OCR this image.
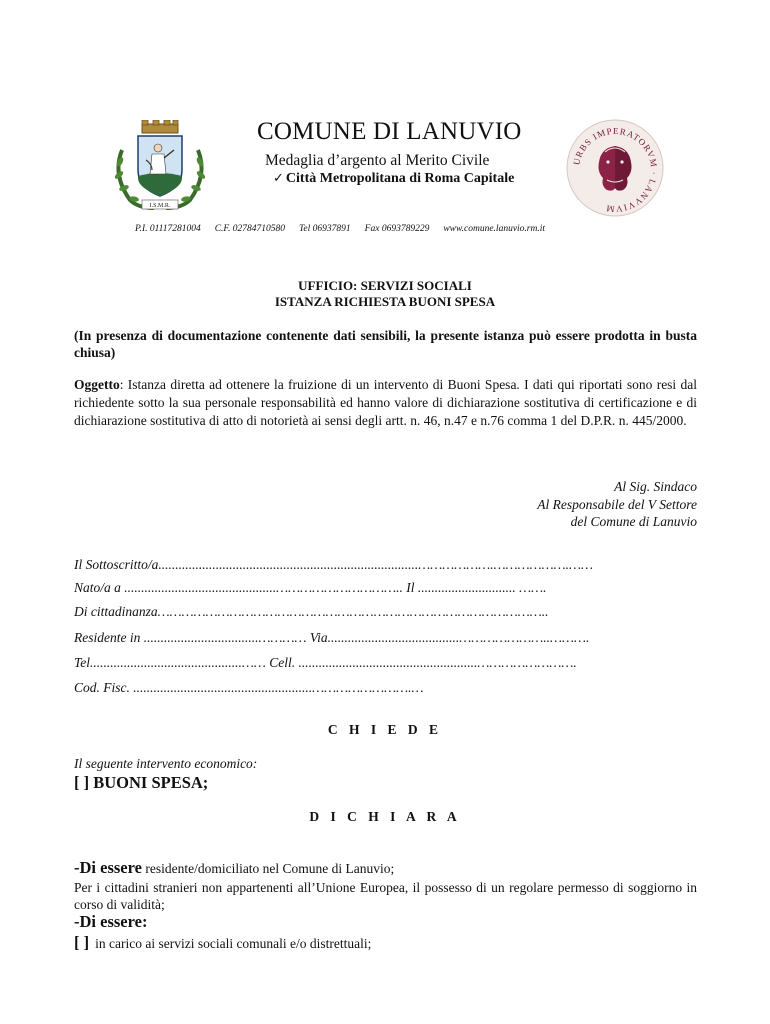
I.S.M.R.
COMUNE DI LANUVIO
Medaglia d’argento al Merito Civile
✓ Città Metropolitana di Roma Capitale
URBS IMPERATORVM · LANVVIVM
P.I. 01117281004 C.F. 02784710580 Tel 06937891 Fax 0693789229 www.comune.lanuvio.rm.it
UFFICIO: SERVIZI SOCIALI
ISTANZA RICHIESTA BUONI SPESA
(In presenza di documentazione contenente dati sensibili, la presente istanza può essere prodotta in busta chiusa)
Oggetto: Istanza diretta ad ottenere la fruizione di un intervento di Buoni Spesa. I dati qui riportati sono resi dal richiedente sotto la sua personale responsabilità ed hanno valore di dichiarazione sostitutiva di certificazione e di dichiarazione sostitutiva di atto di notorietà ai sensi degli artt. n. 46, n.47 e n.76 comma 1 del D.P.R. n. 445/2000.
Al Sig. Sindaco
Al Responsabile del V Settore
del Comune di Lanuvio
Il Sottoscritto/a.............................................................................……………….……………….……
Nato/a a .............................................………………………….. Il ............................. …….
Di cittadinanza……………………………………………………………………………………..
Residente in ..................................………… Via.......................................…………………..……….
Tel.............................................…… Cell. .....................................................…………………….
Cod. Fisc. .....................................................…………………….…
C H I E D E
Il seguente intervento economico:
[ ] BUONI SPESA;
D I C H I A R A
-Di essere residente/domiciliato nel Comune di Lanuvio;
Per i cittadini stranieri non appartenenti all’Unione Europea, il possesso di un regolare permesso di soggiorno in corso di validità;
-Di essere:
[ ] in carico ai servizi sociali comunali e/o distrettuali;
